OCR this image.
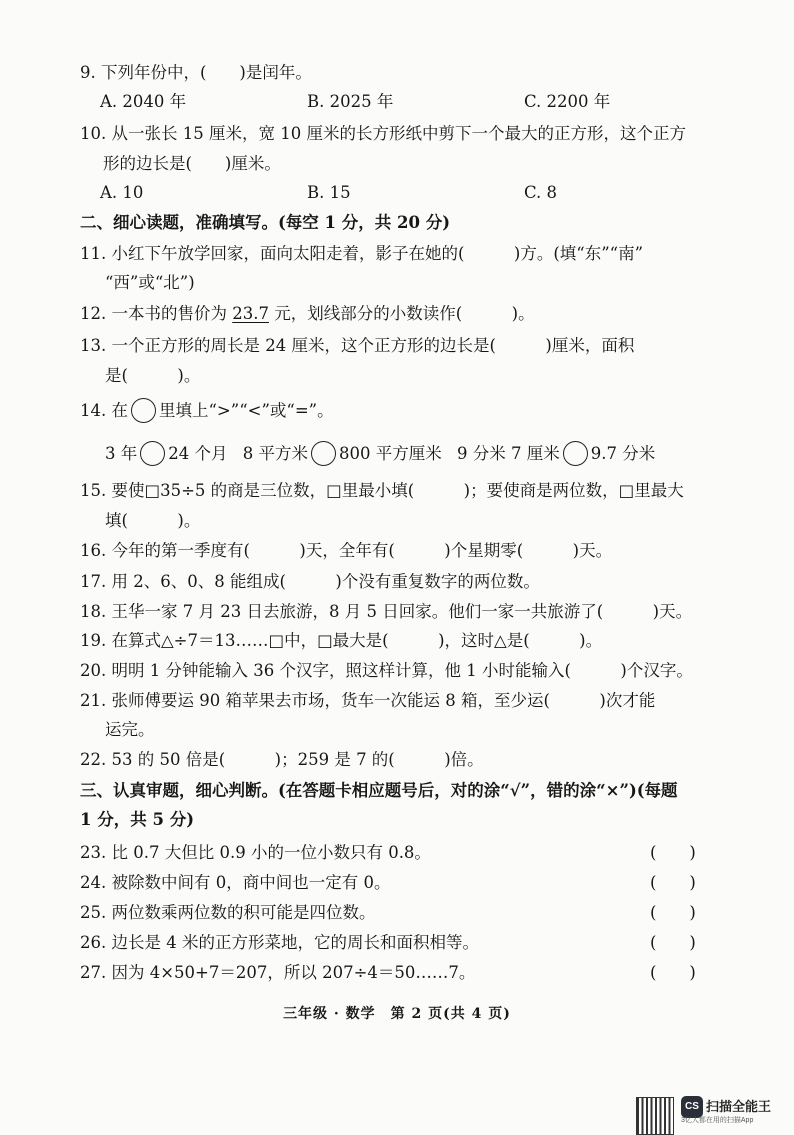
9. 下列年份中，(　　)是闰年。
A. 2040 年	B. 2025 年	C. 2200 年
10. 从一张长 15 厘米，宽 10 厘米的长方形纸中剪下一个最大的正方形，这个正方
形的边长是(　　)厘米。
A. 10	B. 15	C. 8
二、细心读题，准确填写。(每空 1 分，共 20 分)
11. 小红下午放学回家，面向太阳走着，影子在她的(　　　)方。(填“东”“南”
“西”或“北”)
12. 一本书的售价为 23.7 元，划线部分的小数读作(　　　)。
13. 一个正方形的周长是 24 厘米，这个正方形的边长是(　　　)厘米，面积
是(　　　)。
14. 在 里填上“>”“<”或“=”。
3 年 24 个月 8 平方米 800 平方厘米 9 分米 7 厘米 9.7 分米
15. 要使□35÷5 的商是三位数，□里最小填(　　　)；要使商是两位数，□里最大
填(　　　)。
16. 今年的第一季度有(　　　)天，全年有(　　　)个星期零(　　　)天。
17. 用 2、6、0、8 能组成(　　　)个没有重复数字的两位数。
18. 王华一家 7 月 23 日去旅游，8 月 5 日回家。他们一家一共旅游了(　　　)天。
19. 在算式△÷7＝13……□中，□最大是(　　　)，这时△是(　　　)。
20. 明明 1 分钟能输入 36 个汉字，照这样计算，他 1 小时能输入(　　　)个汉字。
21. 张师傅要运 90 箱苹果去市场，货车一次能运 8 箱，至少运(　　　)次才能
运完。
22. 53 的 50 倍是(　　　)；259 是 7 的(　　　)倍。
三、认真审题，细心判断。(在答题卡相应题号后，对的涂“√”，错的涂“×”)(每题
1 分，共 5 分)
23. 比 0.7 大但比 0.9 小的一位小数只有 0.8。	(　　)
24. 被除数中间有 0，商中间也一定有 0。	(　　)
25. 两位数乘两位数的积可能是四位数。	(　　)
26. 边长是 4 米的正方形菜地，它的周长和面积相等。	(　　)
27. 因为 4×50+7＝207，所以 207÷4＝50……7。	(　　)
三年级 · 数学　第 2 页(共 4 页)
CS 扫描全能王
3亿人都在用的扫描App
